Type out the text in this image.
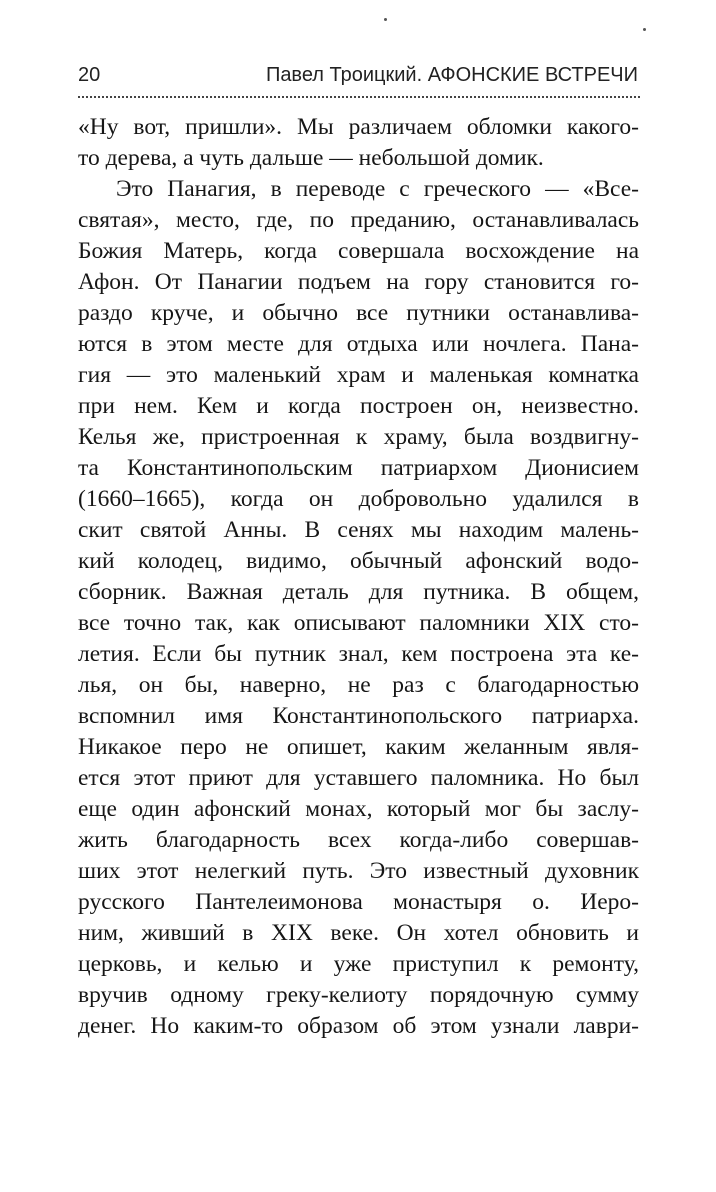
20	Павел Троицкий. АФОНСКИЕ ВСТРЕЧИ
«Ну вот, пришли». Мы различаем обломки какого-
то дерева, а чуть дальше — небольшой домик.
Это Панагия, в переводе с греческого — «Все-
святая», место, где, по преданию, останавливалась
Божия Матерь, когда совершала восхождение на
Афон. От Панагии подъем на гору становится го-
раздо круче, и обычно все путники останавлива-
ются в этом месте для отдыха или ночлега. Пана-
гия — это маленький храм и маленькая комнатка
при нем. Кем и когда построен он, неизвестно.
Келья же, пристроенная к храму, была воздвигну-
та Константинопольским патриархом Дионисием
(1660–1665), когда он добровольно удалился в
скит святой Анны. В сенях мы находим малень-
кий колодец, видимо, обычный афонский водо-
сборник. Важная деталь для путника. В общем,
все точно так, как описывают паломники XIX сто-
летия. Если бы путник знал, кем построена эта ке-
лья, он бы, наверно, не раз с благодарностью
вспомнил имя Константинопольского патриарха.
Никакое перо не опишет, каким желанным явля-
ется этот приют для уставшего паломника. Но был
еще один афонский монах, который мог бы заслу-
жить благодарность всех когда-либо совершав-
ших этот нелегкий путь. Это известный духовник
русского Пантелеимонова монастыря о. Иеро-
ним, живший в XIX веке. Он хотел обновить и
церковь, и келью и уже приступил к ремонту,
вручив одному греку-келиоту порядочную сумму
денег. Но каким-то образом об этом узнали лаври-
